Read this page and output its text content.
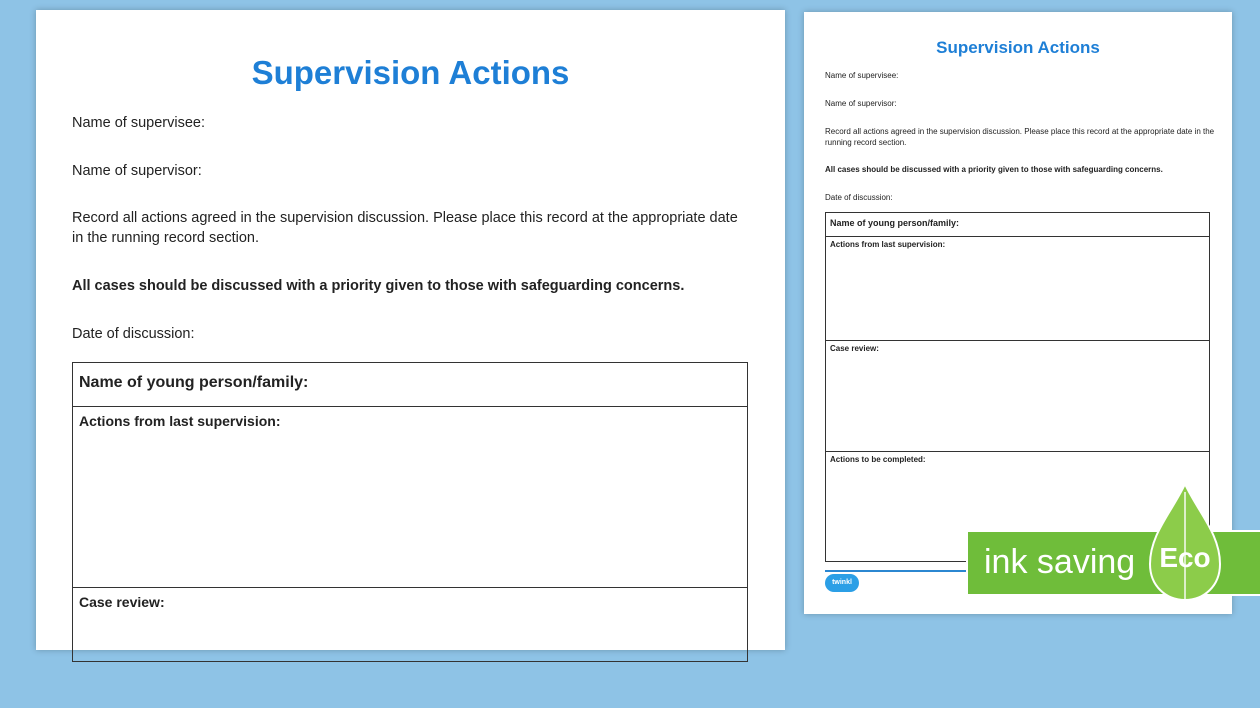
Supervision Actions

Name of supervisee:

Name of supervisor:

Record all actions agreed in the supervision discussion. Please place this record at the appropriate date in the running record section.

All cases should be discussed with a priority given to those with safeguarding concerns.

Date of discussion:

Name of young person/family:
Actions from last supervision:
Case review:
Supervision Actions

Name of supervisee:

Name of supervisor:

Record all actions agreed in the supervision discussion. Please place this record at the appropriate date in the running record section.

All cases should be discussed with a priority given to those with safeguarding concerns.

Date of discussion:

Name of young person/family:
Actions from last supervision:
Case review:
Actions to be completed:
twinkl
ink saving Eco
